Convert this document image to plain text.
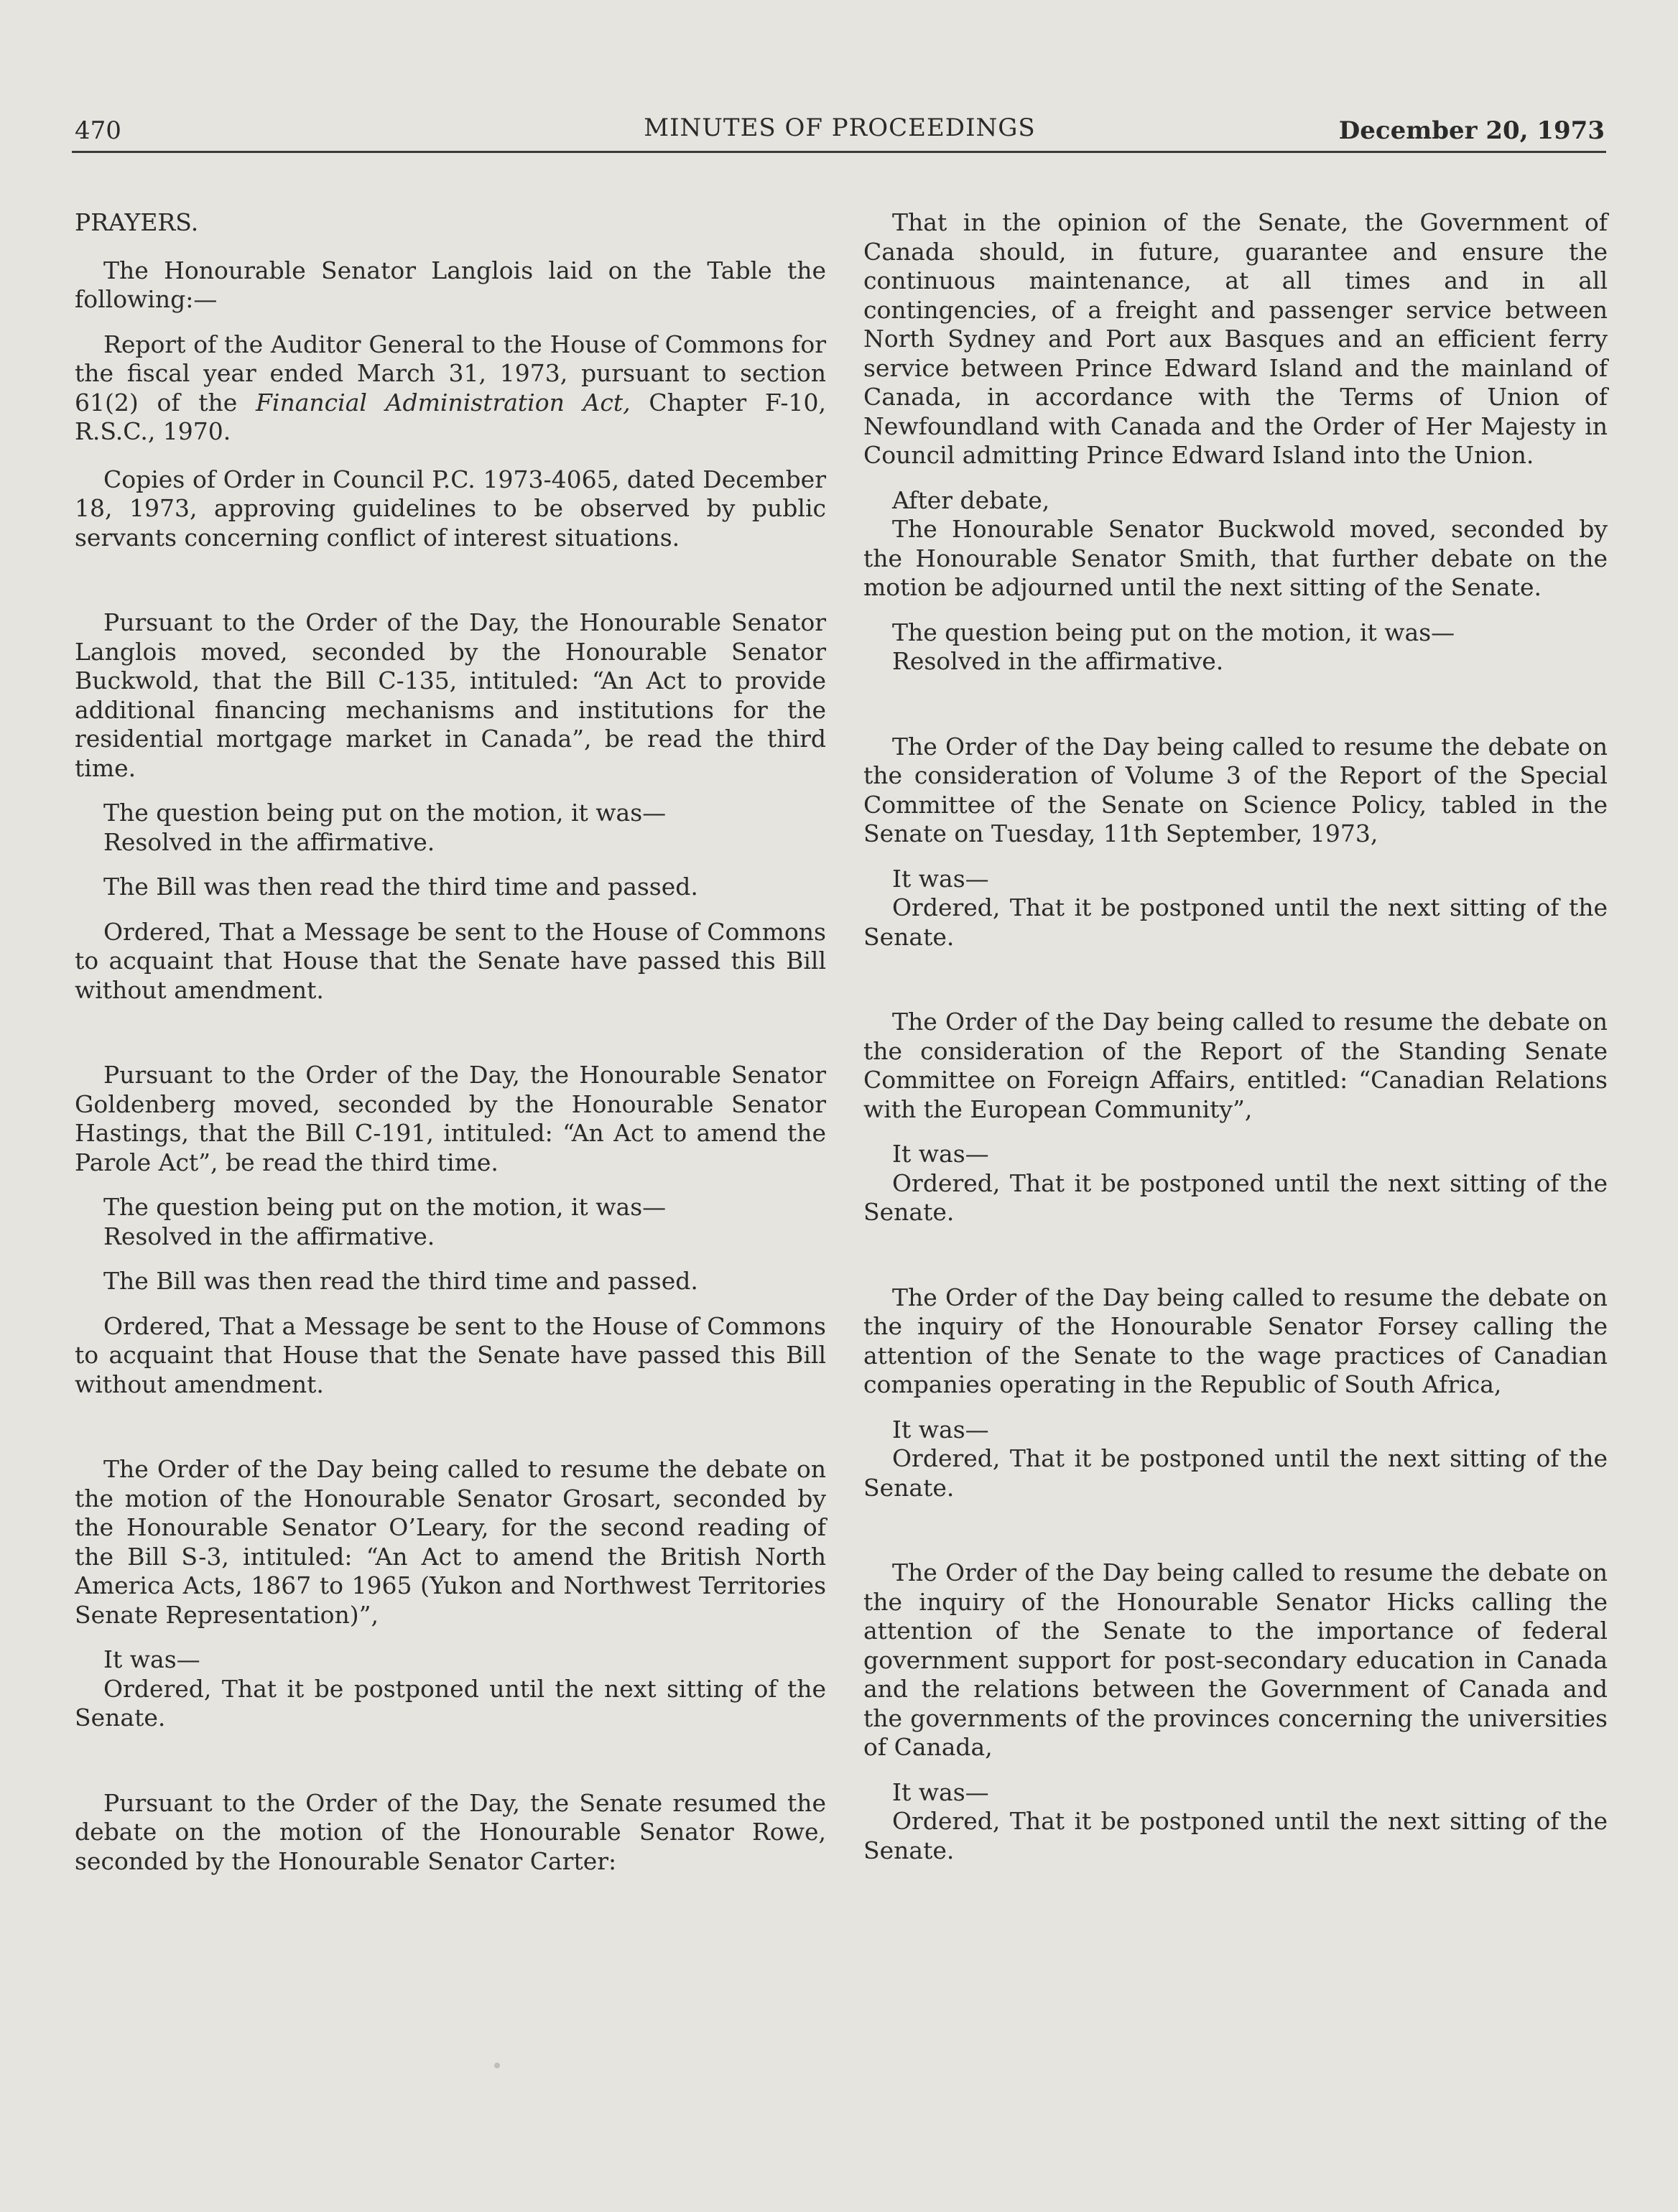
470	MINUTES OF PROCEEDINGS	December 20, 1973

PRAYERS.

The Honourable Senator Langlois laid on the Table the following:—

Report of the Auditor General to the House of Commons for the fiscal year ended March 31, 1973, pursuant to section 61(2) of the Financial Administration Act, Chapter F-10, R.S.C., 1970.

Copies of Order in Council P.C. 1973-4065, dated December 18, 1973, approving guidelines to be observed by public servants concerning conflict of interest situations.

Pursuant to the Order of the Day, the Honourable Senator Langlois moved, seconded by the Honourable Senator Buckwold, that the Bill C-135, intituled: “An Act to provide additional financing mechanisms and institutions for the residential mortgage market in Canada”, be read the third time.

The question being put on the motion, it was—
Resolved in the affirmative.

The Bill was then read the third time and passed.

Ordered, That a Message be sent to the House of Commons to acquaint that House that the Senate have passed this Bill without amendment.

Pursuant to the Order of the Day, the Honourable Senator Goldenberg moved, seconded by the Honourable Senator Hastings, that the Bill C-191, intituled: “An Act to amend the Parole Act”, be read the third time.

The question being put on the motion, it was—
Resolved in the affirmative.

The Bill was then read the third time and passed.

Ordered, That a Message be sent to the House of Commons to acquaint that House that the Senate have passed this Bill without amendment.

The Order of the Day being called to resume the debate on the motion of the Honourable Senator Grosart, seconded by the Honourable Senator O’Leary, for the second reading of the Bill S-3, intituled: “An Act to amend the British North America Acts, 1867 to 1965 (Yukon and Northwest Territories Senate Representation)”,

It was—

Ordered, That it be postponed until the next sitting of the Senate.

Pursuant to the Order of the Day, the Senate resumed the debate on the motion of the Honourable Senator Rowe, seconded by the Honourable Senator Carter:

That in the opinion of the Senate, the Government of Canada should, in future, guarantee and ensure the continuous maintenance, at all times and in all contingencies, of a freight and passenger service between North Sydney and Port aux Basques and an efficient ferry service between Prince Edward Island and the mainland of Canada, in accordance with the Terms of Union of Newfoundland with Canada and the Order of Her Majesty in Council admitting Prince Edward Island into the Union.

After debate,

The Honourable Senator Buckwold moved, seconded by the Honourable Senator Smith, that further debate on the motion be adjourned until the next sitting of the Senate.

The question being put on the motion, it was—
Resolved in the affirmative.

The Order of the Day being called to resume the debate on the consideration of Volume 3 of the Report of the Special Committee of the Senate on Science Policy, tabled in the Senate on Tuesday, 11th September, 1973,

It was—

Ordered, That it be postponed until the next sitting of the Senate.

The Order of the Day being called to resume the debate on the consideration of the Report of the Standing Senate Committee on Foreign Affairs, entitled: “Canadian Relations with the European Community”,

It was—

Ordered, That it be postponed until the next sitting of the Senate.

The Order of the Day being called to resume the debate on the inquiry of the Honourable Senator Forsey calling the attention of the Senate to the wage practices of Canadian companies operating in the Republic of South Africa,

It was—

Ordered, That it be postponed until the next sitting of the Senate.

The Order of the Day being called to resume the debate on the inquiry of the Honourable Senator Hicks calling the attention of the Senate to the importance of federal government support for post-secondary education in Canada and the relations between the Government of Canada and the governments of the provinces concerning the universities of Canada,

It was—

Ordered, That it be postponed until the next sitting of the Senate.
